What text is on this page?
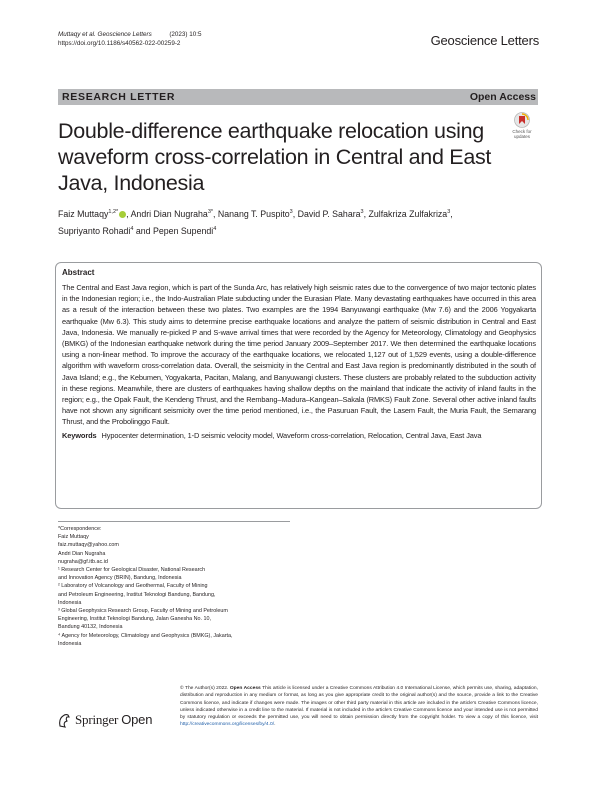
Muttaqy et al. Geoscience Letters	(2023) 10:5
https://doi.org/10.1186/s40562-022-00259-2	Geoscience Letters
RESEARCH LETTER	Open Access
Check for
updates
Double-difference earthquake relocation using waveform cross-correlation in Central and East Java, Indonesia
Faiz Muttaqy$^{1,2*}$ , Andri Dian Nugraha$^{3*}$, Nanang T. Puspito$^3$, David P. Sahara$^3$, Zulfakriza Zulfakriza$^3$,
Supriyanto Rohadi$^4$ and Pepen Supendi$^4$
Abstract
The Central and East Java region, which is part of the Sunda Arc, has relatively high seismic rates due to the convergence of two major tectonic plates in the Indonesian region; i.e., the Indo-Australian Plate subducting under the Eurasian Plate. Many devastating earthquakes have occurred in this area as a result of the interaction between these two plates. Two examples are the 1994 Banyuwangi earthquake (Mw 7.6) and the 2006 Yogyakarta earthquake (Mw 6.3). This study aims to determine precise earthquake locations and analyze the pattern of seismic distribution in Central and East Java, Indonesia. We manually re-picked P and S-wave arrival times that were recorded by the Agency for Meteorology, Climatology and Geophysics (BMKG) of the Indonesian earthquake network during the time period January 2009–September 2017. We then determined the earthquake locations using a non-linear method. To improve the accuracy of the earthquake locations, we relocated 1,127 out of 1,529 events, using a double-difference algorithm with waveform cross-correlation data. Overall, the seismicity in the Central and East Java region is predominantly distributed in the south of Java Island; e.g., the Kebumen, Yogyakarta, Pacitan, Malang, and Banyuwangi clusters. These clusters are probably related to the subduction activity in these regions. Meanwhile, there are clusters of earthquakes having shallow depths on the mainland that indicate the activity of inland faults in the region; e.g., the Opak Fault, the Kendeng Thrust, and the Rembang–Madura–Kangean–Sakala (RMKS) Fault Zone. Several other active inland faults have not shown any significant seismicity over the time period mentioned, i.e., the Pasuruan Fault, the Lasem Fault, the Muria Fault, the Semarang Thrust, and the Probolinggo Fault.
Keywords Hypocenter determination, 1-D seismic velocity model, Waveform cross-correlation, Relocation, Central Java, East Java

*Correspondence:

Faiz Muttaqy

faiz.muttaqy@yahoo.com

Andri Dian Nugraha

nugraha@gf.itb.ac.id

¹ Research Center for Geological Disaster, National Research

and Innovation Agency (BRIN), Bandung, Indonesia

² Laboratory of Volcanology and Geothermal, Faculty of Mining

and Petroleum Engineering, Institut Teknologi Bandung, Bandung,

Indonesia

³ Global Geophysics Research Group, Faculty of Mining and Petroleum

Engineering, Institut Teknologi Bandung, Jalan Ganesha No. 10,

Bandung 40132, Indonesia

⁴ Agency for Meteorology, Climatology and Geophysics (BMKG), Jakarta,

Indonesia

Springer Open
© The Author(s) 2022. Open Access This article is licensed under a Creative Commons Attribution 4.0 International License, which permits use, sharing, adaptation, distribution and reproduction in any medium or format, as long as you give appropriate credit to the original author(s) and the source, provide a link to the Creative Commons licence, and indicate if changes were made. The images or other third party material in this article are included in the article's Creative Commons licence, unless indicated otherwise in a credit line to the material. If material is not included in the article's Creative Commons licence and your intended use is not permitted by statutory regulation or exceeds the permitted use, you will need to obtain permission directly from the copyright holder. To view a copy of this licence, visit http://creativecommons.org/licenses/by/4.0/.
